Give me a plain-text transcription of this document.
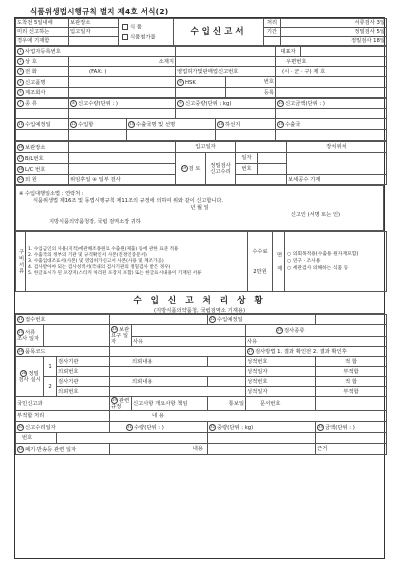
식품위생법시행규칙 별지 제4호 서식(2)
도착전 5일내에	보관장소	식 품
식품첨가물	수입신고서	처리	서류검사 3일
미리 신고하는	입고일자			기간	정밀검사 5일
경우에 기재함					정밀검사 18일
1 사업자등록번호				대표자	
2 상 호	소재지			우편번호	
3 전 화	(FAX: )	영업허가및판매업신고번호		(시 · 군 · 구) 제 호	
4 신고품명		6 HSK	번호		
5 제조회사			등록		
7 종 류	8 신고수량(단위 : )		9 신고중량(단위 : kg)		10 신고금액(단위 : )

11 수입예정일	12 수입항	13 수출국명 및 선명		14 하선지	15 수출국

16 보관장소		입고일자				장치위치
17 B/L번호		19 검 토	정밀검사
신고수리	일자		
18 L/C 번호				번호		
20 외 원	위임후일 ④ 일부 검사					보세공수 기재
※ 수입대행일소법 : 연락처 :
식품위생법 제16조 및 동법시행규칙 제11조의 규정에 의하여 위와 같이 신고합니다.
년 월 일
신고인 (서명 또는 인)
지방식품의약품청장, 국립 검역소장 귀하
구비서류	1. 수입금인의 사용(지적)에관해조종원료 수출원(제출) 등에 관한 표준 적용
2. 수출국의 정부의 기관 및 규격확인서 사본(진정인증문서)
3. 수출입대조표서(사본) 및 영업허가신고서 사본(사용 및 계조가공)
4. 검사받아야 되는 검사성적서(국내의 검사기관의 정밀검사 받은 경우)
5. 한글표시가 된 포장지(스티커 처리된 포장지 포함) 또는 한글표시내용이 기재된 서류

수수료
2만원
	면 제	○ 의회목적용(수출용 원자재포함)
○ 연구 · 조사용
○ 세관검사 의해하는 식품 등
수 입 신 고 처 리 상 황
(지방식품의약품청, 국립검역소 기재용)
21 접수번호					22 수입예정일		
23 서류 조사 일자			24 보관 요구 일자			25 검사종류	
				사유		사유	
26 품목코드						27 검사방법 1. 결과 확인전 2. 결과 확인후	
28 정밀 검사 실시	1	검사기관	의뢰내용			성적번호	적 합
		의뢰번호				성적일자	부적합
	2	검사기관	의뢰내용			성적번호	적 합
		의뢰번호				성적일자	부적합
국민신고과			29 관련 규정	신고사항 개요사항 책임	통보일	문서번호	
부적합 처리			내 용				
30 신고수리일자			31 수량(단위 : )		32 중량(단위 : kg)		33 금액(단위 : )
번호							
34 폐기·반송등 관련 일자			내용				근거
